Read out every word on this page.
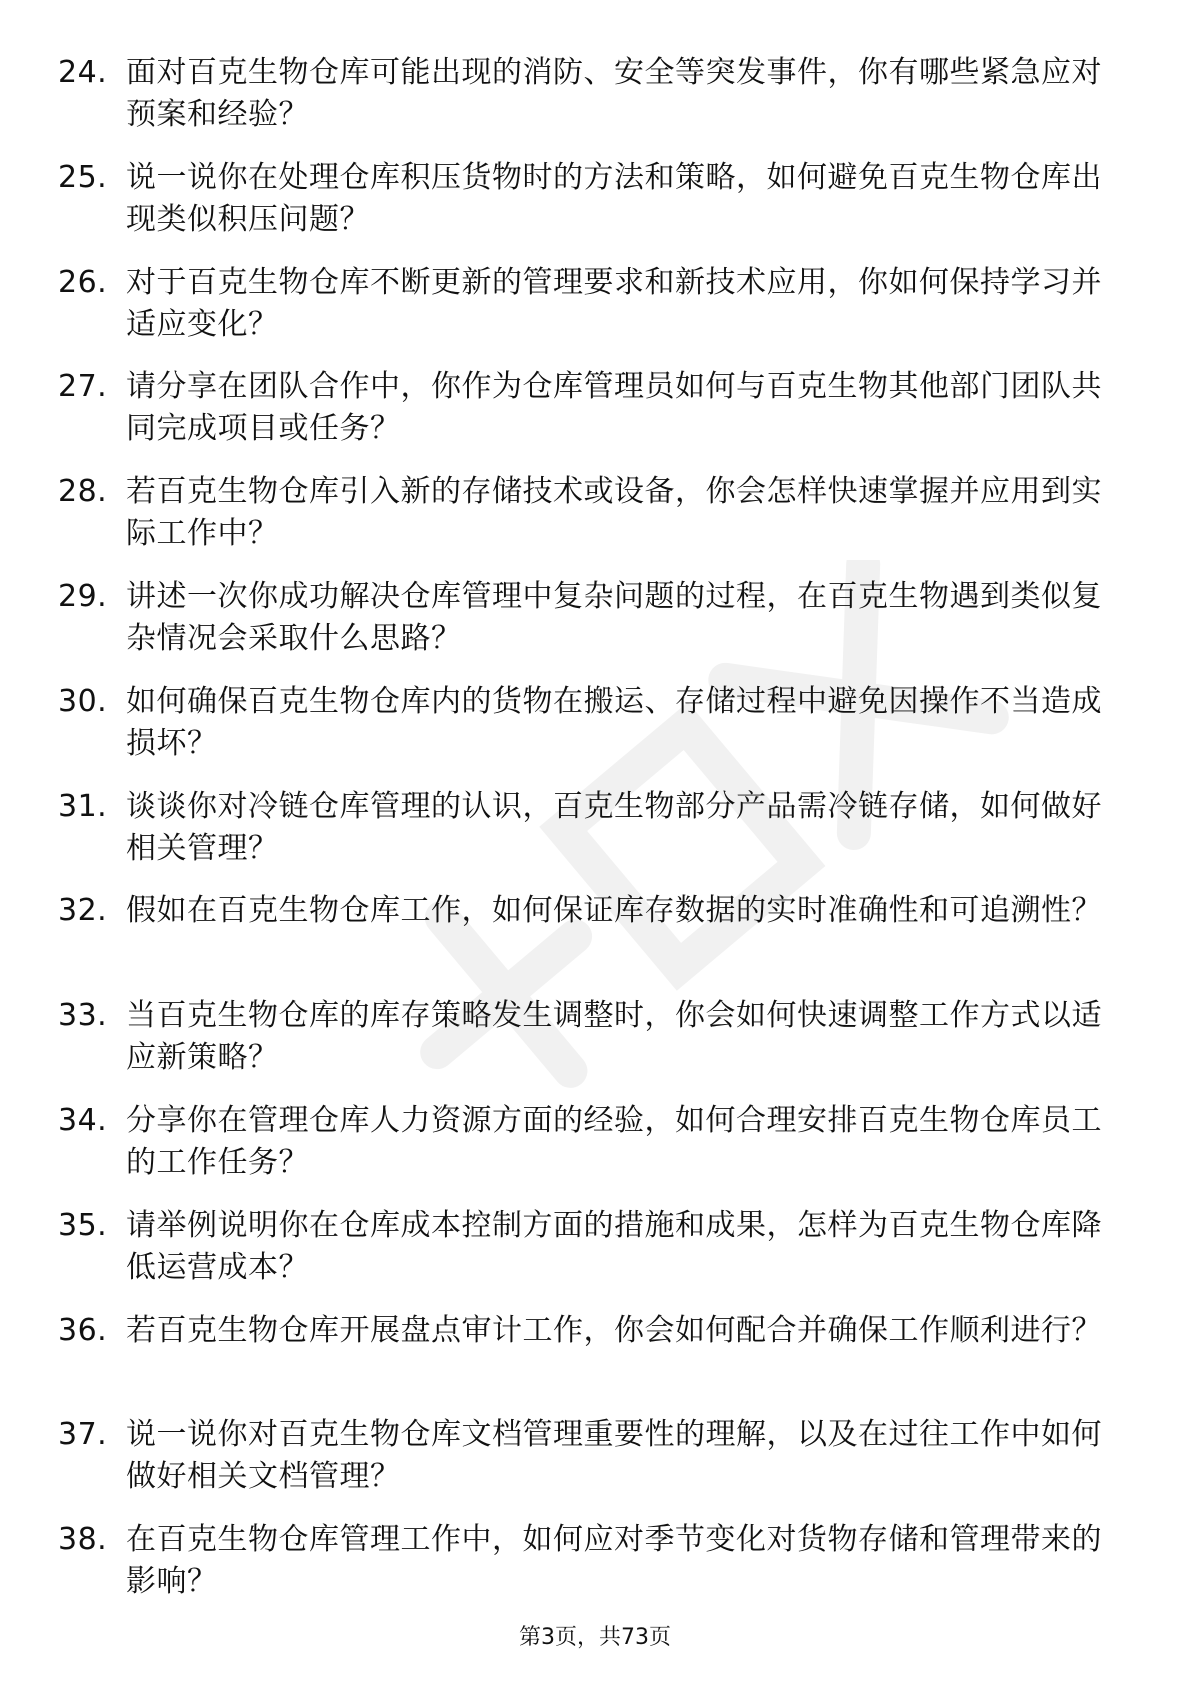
24. 面对百克生物仓库可能出现的消防、安全等突发事件，你有哪些紧急应对预案和经验？
25. 说一说你在处理仓库积压货物时的方法和策略，如何避免百克生物仓库出现类似积压问题？
26. 对于百克生物仓库不断更新的管理要求和新技术应用，你如何保持学习并适应变化？
27. 请分享在团队合作中，你作为仓库管理员如何与百克生物其他部门团队共同完成项目或任务？
28. 若百克生物仓库引入新的存储技术或设备，你会怎样快速掌握并应用到实际工作中？
29. 讲述一次你成功解决仓库管理中复杂问题的过程，在百克生物遇到类似复杂情况会采取什么思路？
30. 如何确保百克生物仓库内的货物在搬运、存储过程中避免因操作不当造成损坏？
31. 谈谈你对冷链仓库管理的认识，百克生物部分产品需冷链存储，如何做好相关管理？
32. 假如在百克生物仓库工作，如何保证库存数据的实时准确性和可追溯性？
33. 当百克生物仓库的库存策略发生调整时，你会如何快速调整工作方式以适应新策略？
34. 分享你在管理仓库人力资源方面的经验，如何合理安排百克生物仓库员工的工作任务？
35. 请举例说明你在仓库成本控制方面的措施和成果，怎样为百克生物仓库降低运营成本？
36. 若百克生物仓库开展盘点审计工作，你会如何配合并确保工作顺利进行？
37. 说一说你对百克生物仓库文档管理重要性的理解，以及在过往工作中如何做好相关文档管理？
38. 在百克生物仓库管理工作中，如何应对季节变化对货物存储和管理带来的影响？
第3页，共73页
